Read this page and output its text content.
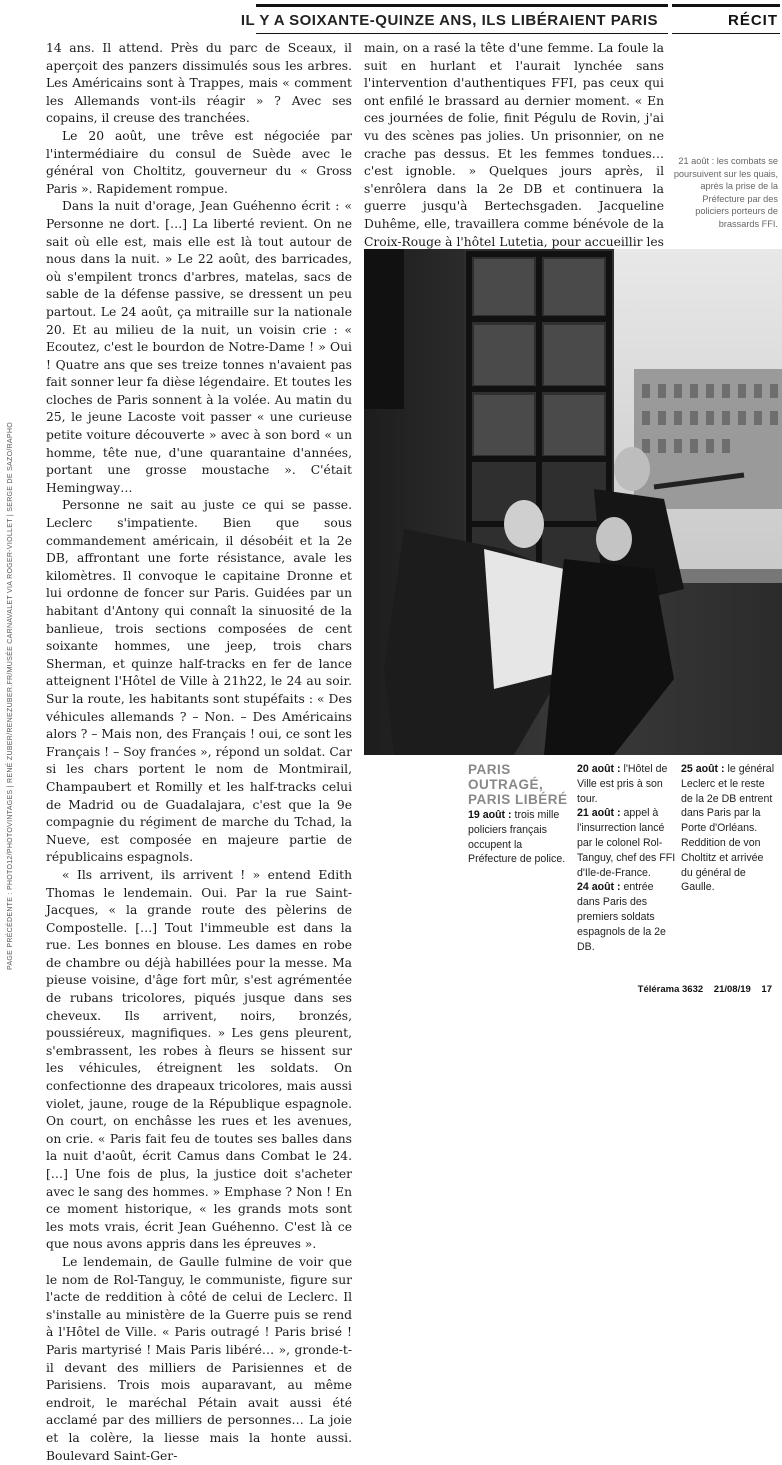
IL Y A SOIXANTE-QUINZE ANS, ILS LIBÉRAIENT PARIS	RÉCIT
PAGE PRÉCÉDENTE : PHOTO12/PHOTOVINTAGES | RENÉ ZUBER/RENEZUBER.FR/MUSÉE CARNAVALET VIA ROGER-VIOLLET | SERGE DE SAZO/RAPHO

14 ans. Il attend. Près du parc de Sceaux, il aperçoit des panzers dissimulés sous les arbres. Les Américains sont à Trappes, mais « comment les Allemands vont-ils réagir » ? Avec ses copains, il creuse des tranchées.

Le 20 août, une trêve est négociée par l'intermédiaire du consul de Suède avec le général von Choltitz, gouverneur du « Gross Paris ». Rapidement rompue.

Dans la nuit d'orage, Jean Guéhenno écrit : « Personne ne dort. […] La liberté revient. On ne sait où elle est, mais elle est là tout autour de nous dans la nuit. » Le 22 août, des barricades, où s'empilent troncs d'arbres, matelas, sacs de sable de la défense passive, se dressent un peu partout. Le 24 août, ça mitraille sur la nationale 20. Et au milieu de la nuit, un voisin crie : « Ecoutez, c'est le bourdon de Notre-Dame ! » Oui ! Quatre ans que ses treize tonnes n'avaient pas fait sonner leur fa dièse légendaire. Et toutes les cloches de Paris sonnent à la volée. Au matin du 25, le jeune Lacoste voit passer « une curieuse petite voiture découverte » avec à son bord « un homme, tête nue, d'une quarantaine d'années, portant une grosse moustache ». C'était Hemingway…

Personne ne sait au juste ce qui se passe. Leclerc s'impatiente. Bien que sous commandement américain, il désobéit et la 2e DB, affrontant une forte résistance, avale les kilomètres. Il convoque le capitaine Dronne et lui ordonne de foncer sur Paris. Guidées par un habitant d'Antony qui connaît la sinuosité de la banlieue, trois sections composées de cent soixante hommes, une jeep, trois chars Sherman, et quinze half-tracks en fer de lance atteignent l'Hôtel de Ville à 21h22, le 24 au soir. Sur la route, les habitants sont stupéfaits : « Des véhicules allemands ? – Non. – Des Américains alors ? – Mais non, des Français ! oui, ce sont les Français ! – Soy franćes », répond un soldat. Car si les chars portent le nom de Montmirail, Champaubert et Romilly et les half-tracks celui de Madrid ou de Guadalajara, c'est que la 9e compagnie du régiment de marche du Tchad, la Nueve, est composée en majeure partie de républicains espagnols.

« Ils arrivent, ils arrivent ! » entend Edith Thomas le lendemain. Oui. Par la rue Saint-Jacques, « la grande route des pèlerins de Compostelle. […] Tout l'immeuble est dans la rue. Les bonnes en blouse. Les dames en robe de chambre ou déjà habillées pour la messe. Ma pieuse voisine, d'âge fort mûr, s'est agrémentée de rubans tricolores, piqués jusque dans ses cheveux. Ils arrivent, noirs, bronzés, poussiéreux, magnifiques. » Les gens pleurent, s'embrassent, les robes à fleurs se hissent sur les véhicules, étreignent les soldats. On confectionne des drapeaux tricolores, mais aussi violet, jaune, rouge de la République espagnole. On court, on enchâsse les rues et les avenues, on crie. « Paris fait feu de toutes ses balles dans la nuit d'août, écrit Camus dans Combat le 24. […] Une fois de plus, la justice doit s'acheter avec le sang des hommes. » Emphase ? Non ! En ce moment historique, « les grands mots sont les mots vrais, écrit Jean Guéhenno. C'est là ce que nous avons appris dans les épreuves ».

Le lendemain, de Gaulle fulmine de voir que le nom de Rol-Tanguy, le communiste, figure sur l'acte de reddition à côté de celui de Leclerc. Il s'installe au ministère de la Guerre puis se rend à l'Hôtel de Ville. « Paris outragé ! Paris brisé ! Paris martyrisé ! Mais Paris libéré… », gronde-t-il devant des milliers de Parisiennes et de Parisiens. Trois mois auparavant, au même endroit, le maréchal Pétain avait aussi été acclamé par des milliers de personnes… La joie et la colère, la liesse mais la honte aussi. Boulevard Saint-Ger-

main, on a rasé la tête d'une femme. La foule la suit en hurlant et l'aurait lynchée sans l'intervention d'authentiques FFI, pas ceux qui ont enfilé le brassard au dernier moment. « En ces journées de folie, finit Pégulu de Rovin, j'ai vu des scènes pas jolies. Un prisonnier, on ne crache pas dessus. Et les femmes tondues… c'est ignoble. » Quelques jours après, il s'enrôlera dans la 2e DB et continuera la guerre jusqu'à Bertechsgaden. Jacqueline Duhême, elle, travaillera comme bénévole de la Croix-Rouge à l'hôtel Lutetia, pour accueillir les

21 août : les combats se poursuivent sur les quais, après la prise de la Préfecture par des policiers porteurs de brassards FFI.
PARIS OUTRAGÉ, PARIS LIBÉRÉ
19 août : trois mille policiers français occupent la Préfecture de police.
20 août : l'Hôtel de Ville est pris à son tour.
21 août : appel à l'insurrection lancé par le colonel Rol-Tanguy, chef des FFI d'Ile-de-France.
24 août : entrée dans Paris des premiers soldats espagnols de la 2e DB.
25 août : le général Leclerc et le reste de la 2e DB entrent dans Paris par la Porte d'Orléans. Reddition de von Choltitz et arrivée du général de Gaulle.
Télérama 3632 21/08/19 17
